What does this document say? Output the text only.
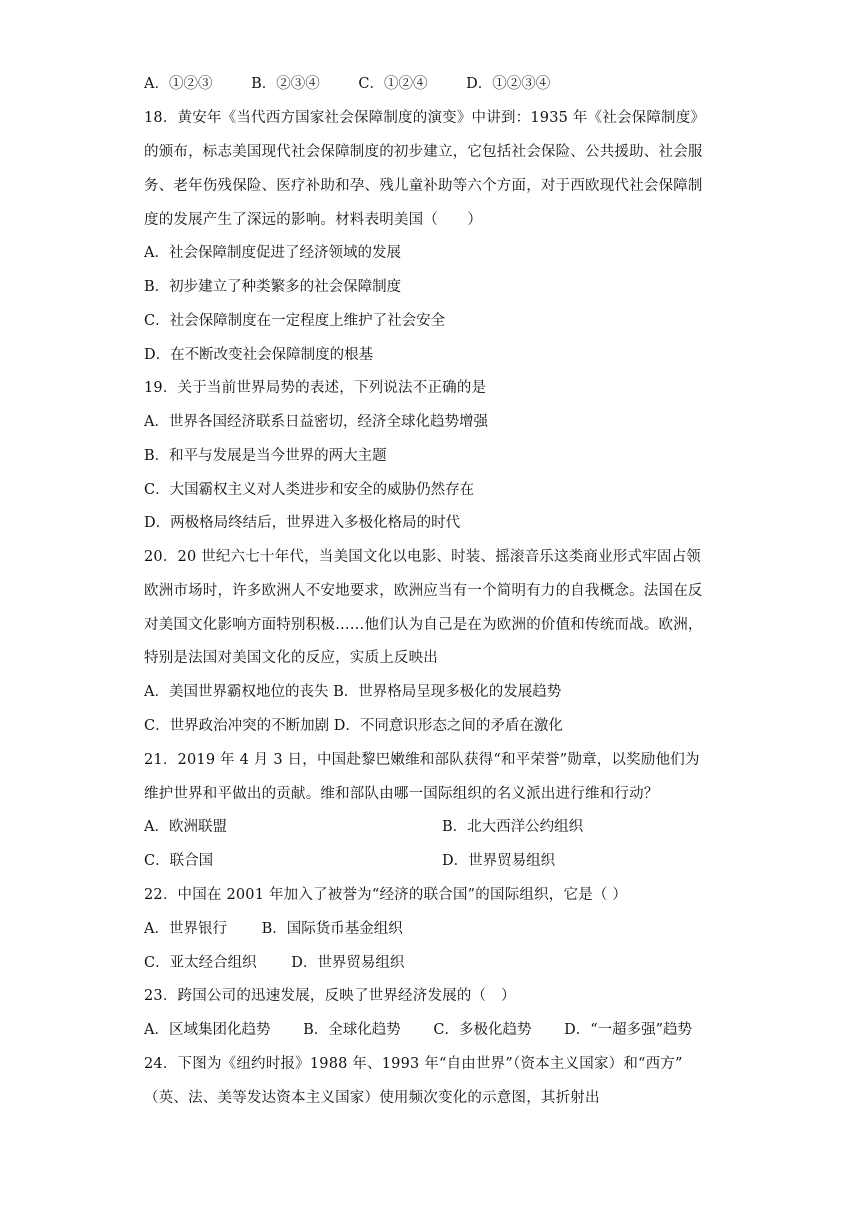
A．①②③	B．②③④	C．①②④	D．①②③④
18．黄安年《当代西方国家社会保障制度的演变》中讲到：1935 年《社会保障制度》
的颁布，标志美国现代社会保障制度的初步建立，它包括社会保险、公共援助、社会服
务、老年伤残保险、医疗补助和孕、残儿童补助等六个方面，对于西欧现代社会保障制
度的发展产生了深远的影响。材料表明美国（　　）
A．社会保障制度促进了经济领域的发展
B．初步建立了种类繁多的社会保障制度
C．社会保障制度在一定程度上维护了社会安全
D．在不断改变社会保障制度的根基
19．关于当前世界局势的表述，下列说法不正确的是
A．世界各国经济联系日益密切，经济全球化趋势增强
B．和平与发展是当今世界的两大主题
C．大国霸权主义对人类进步和安全的威胁仍然存在
D．两极格局终结后，世界进入多极化格局的时代
20．20 世纪六七十年代，当美国文化以电影、时装、摇滚音乐这类商业形式牢固占领
欧洲市场时，许多欧洲人不安地要求，欧洲应当有一个简明有力的自我概念。法国在反
对美国文化影响方面特别积极……他们认为自己是在为欧洲的价值和传统而战。欧洲，
特别是法国对美国文化的反应，实质上反映出
A．美国世界霸权地位的丧失 B．世界格局呈现多极化的发展趋势
C．世界政治冲突的不断加剧 D．不同意识形态之间的矛盾在激化
21．2019 年 4 月 3 日，中国赴黎巴嫩维和部队获得“和平荣誉”勋章，以奖励他们为
维护世界和平做出的贡献。维和部队由哪一国际组织的名义派出进行维和行动？
A．欧洲联盟	B．北大西洋公约组织
C．联合国	D．世界贸易组织
22．中国在 2001 年加入了被誉为“经济的联合国”的国际组织，它是（ ）
A．世界银行 B．国际货币基金组织
C．亚太经合组织 D．世界贸易组织
23．跨国公司的迅速发展，反映了世界经济发展的（　）
A．区域集团化趋势 B．全球化趋势 C．多极化趋势 D．“一超多强”趋势
24．下图为《纽约时报》1988 年、1993 年“自由世界”（资本主义国家）和“西方”
（英、法、美等发达资本主义国家）使用频次变化的示意图，其折射出
